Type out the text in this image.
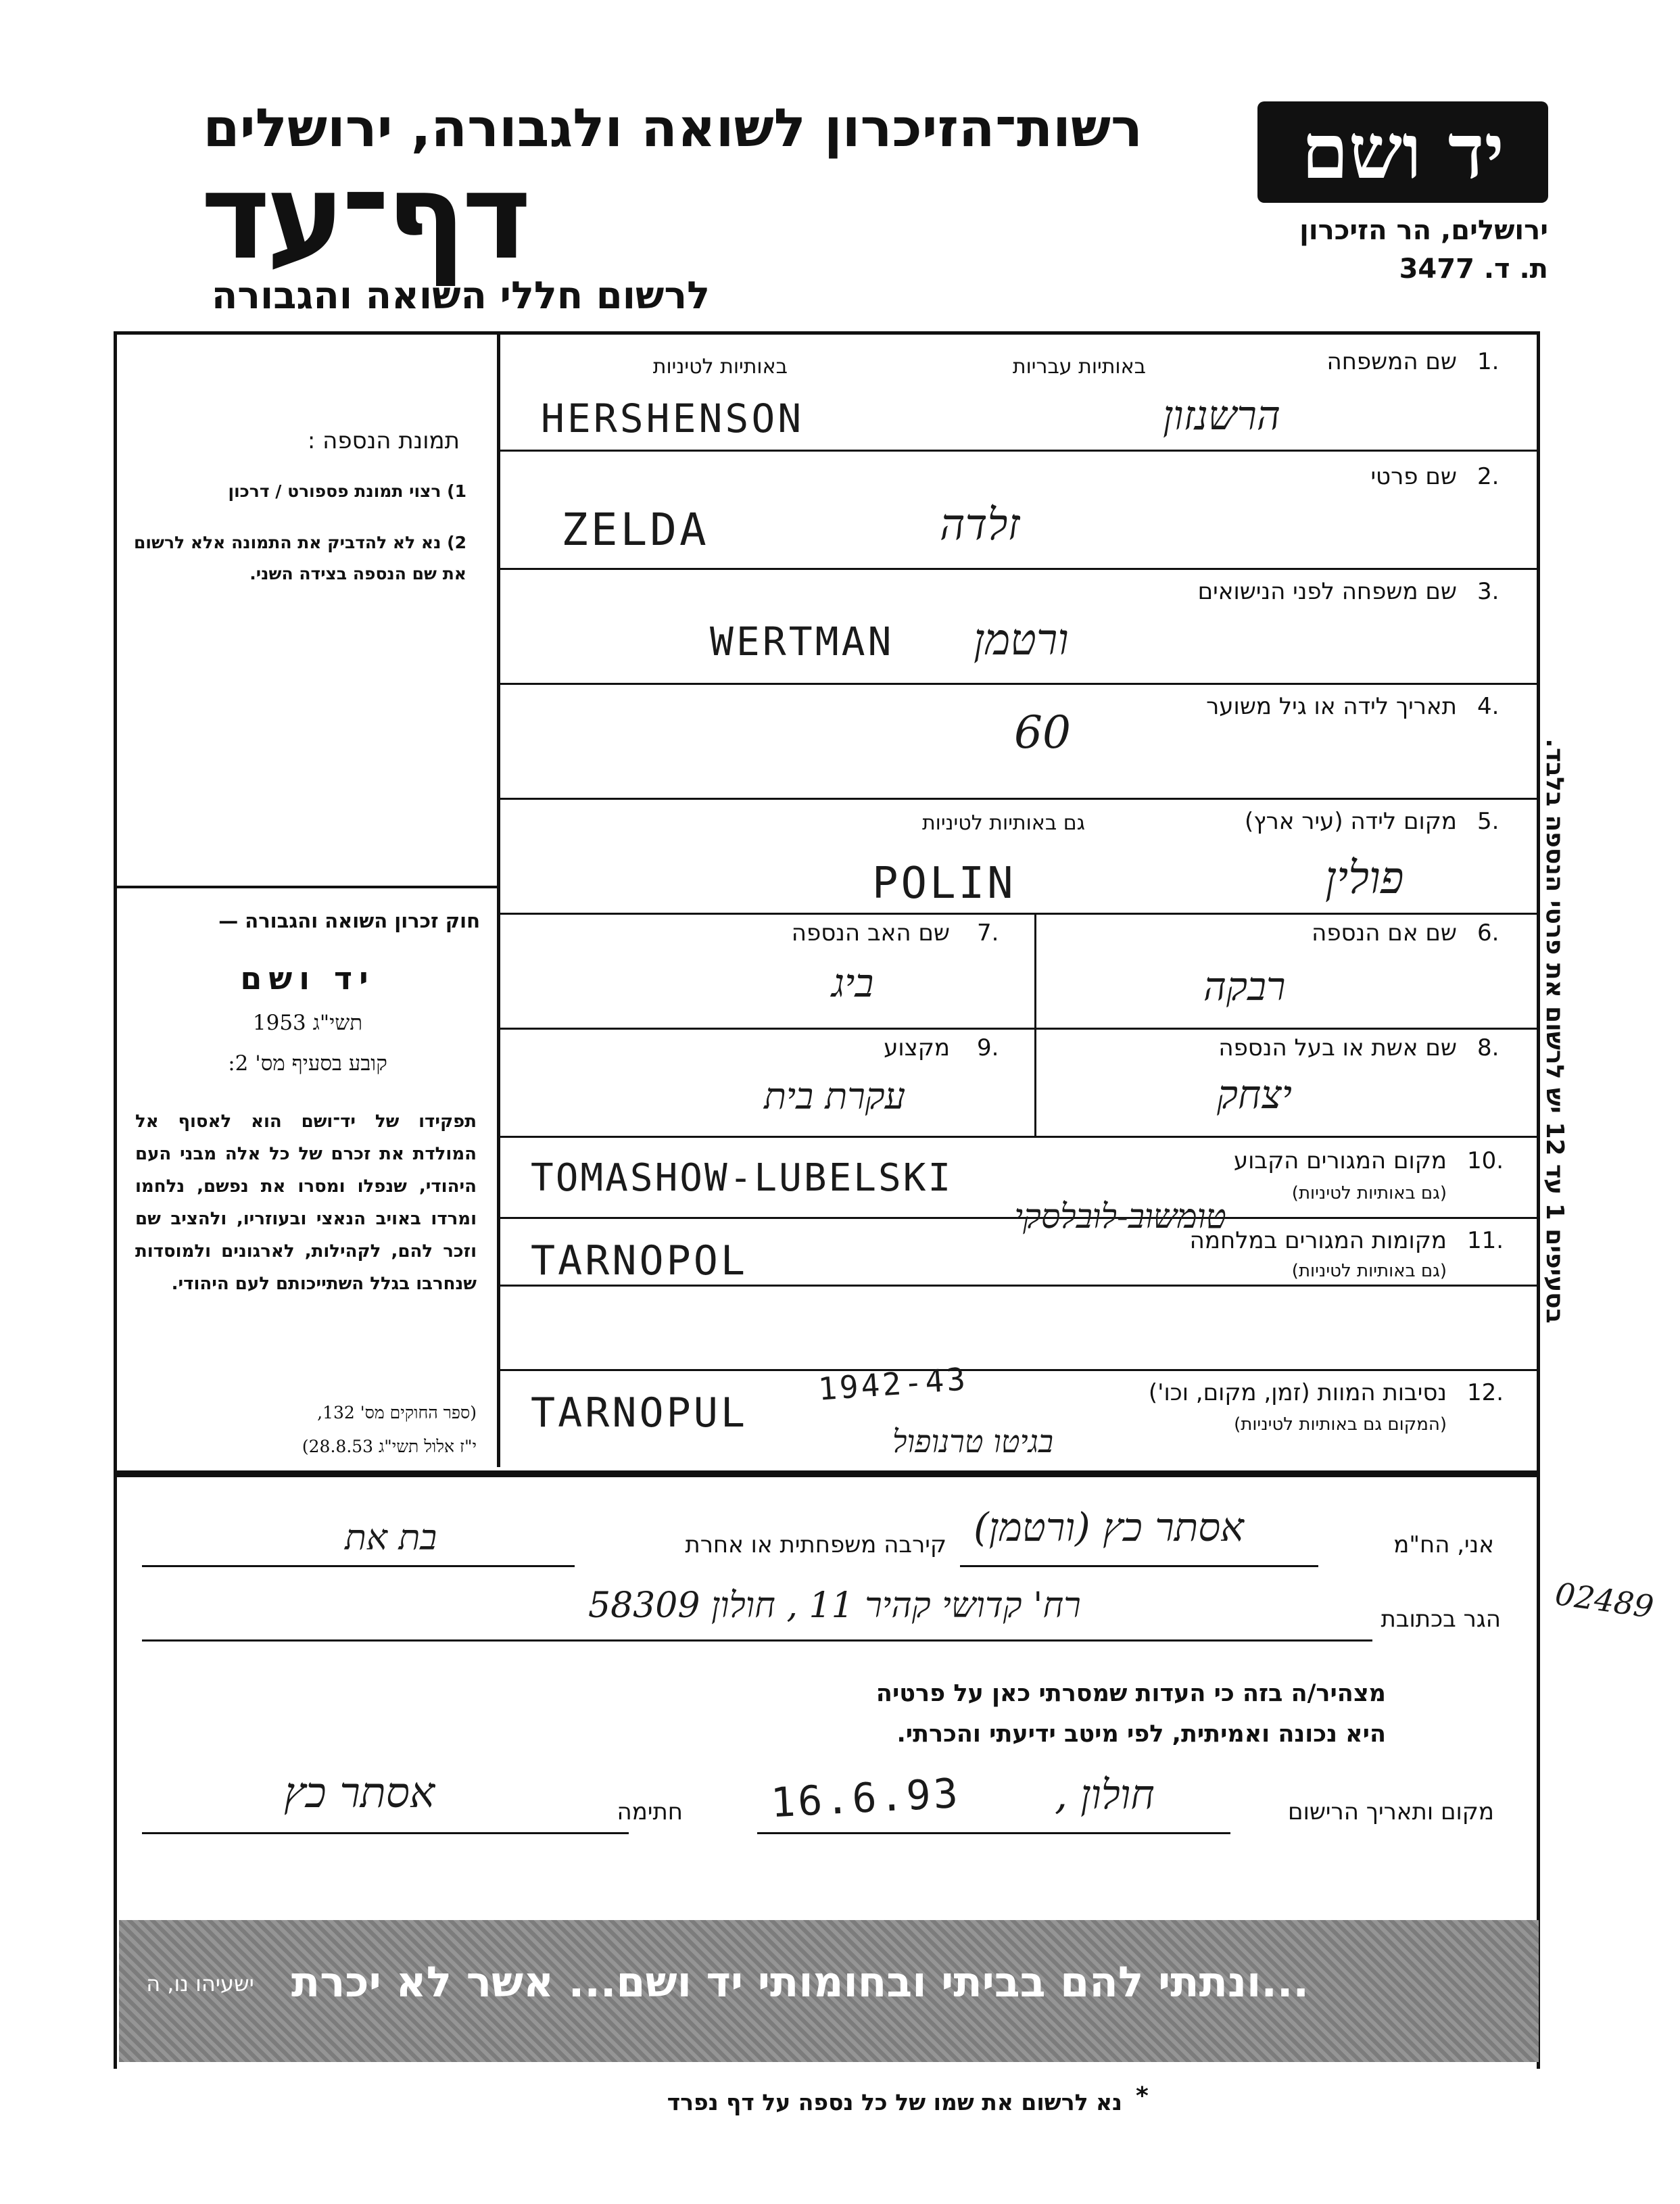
רשות־הזיכרון לשואה ולגבורה, ירושלים
דף־עד
לרשום חללי השואה והגבורה
יד ושם
ירושלים, הר הזיכרון
ת. ד. 3477
תמונת הנספה :
1) רצוי תמונת פספורט / דרכון
2) נא לא להדביק את התמונה אלא לרשום את שם הנספה בצידה השני.
חוק זכרון השואה והגבורה —
יד ושם
תשי"ג 1953
קובע בסעיף מס' 2:
תפקידו של יד־ושם הוא לאסוף אל המולדת את זכרם של כל אלה מבני העם היהודי, שנפלו ומסרו את נפשם, נלחמו ומרדו באויב הנאצי ובעוזריו, ולהציב שם וזכר להם, לקהילות, לארגונים ולמוסדות שנחרבו בגלל השתייכותם לעם היהודי.
(ספר החוקים מס' 132,
י"ז אלול תשי"ג 28.8.53)
בסעיפים 1 עד 12 יש לרשום את פרטי הנספה בלבד.
1.
שם המשפחה
באותיות עבריות
באותיות לטיניות
HERSHENSON	הרשנזון
2.
שם פרטי
ZELDA	זלדה
3.
שם משפחה לפני הנישואים
WERTMAN ורטמן
4.
תאריך לידה או גיל משוער
60
5.
מקום לידה (עיר ארץ)
גם באותיות לטיניות
POLIN	פולין
6.
שם אם הנספה
רבקה
7.
שם האב הנספה
ביג
8.
שם אשת או בעל הנספה
יצחק
9.
מקצוע
עקרת בית
10.
מקום המגורים הקבוע
(גם באותיות לטיניות)
TOMASHOW-LUBELSKI
טומשוב-לובלסקי
11.
מקומות המגורים במלחמה
(גם באותיות לטיניות)
TARNOPOL
12.
נסיבות המוות (זמן, מקום, וכו')
(המקום גם באותיות לטיניות)
TARNOPUL
1942-43
בגיטו טרנופול
אני, הח"מ
אסתר כץ (ורטמן)
קירבה משפחתית או אחרת
בת את
הגר בכתובת
רח' קדושי קהיר 11 , חולון 58309	02489
מצהיר/ה בזה כי העדות שמסרתי כאן על פרטיה
היא נכונה ואמיתית, לפי מיטב ידיעתי והכרתי.
מקום ותאריך הרישום
חולון ,
16.6.93
חתימה
אסתר כץ
...ונתתי להם בביתי ובחומותי יד ושם... אשר לא יכרת
ישעיהו נו, ה
נא לרשום את שמו של כל נספה על דף נפרד *
